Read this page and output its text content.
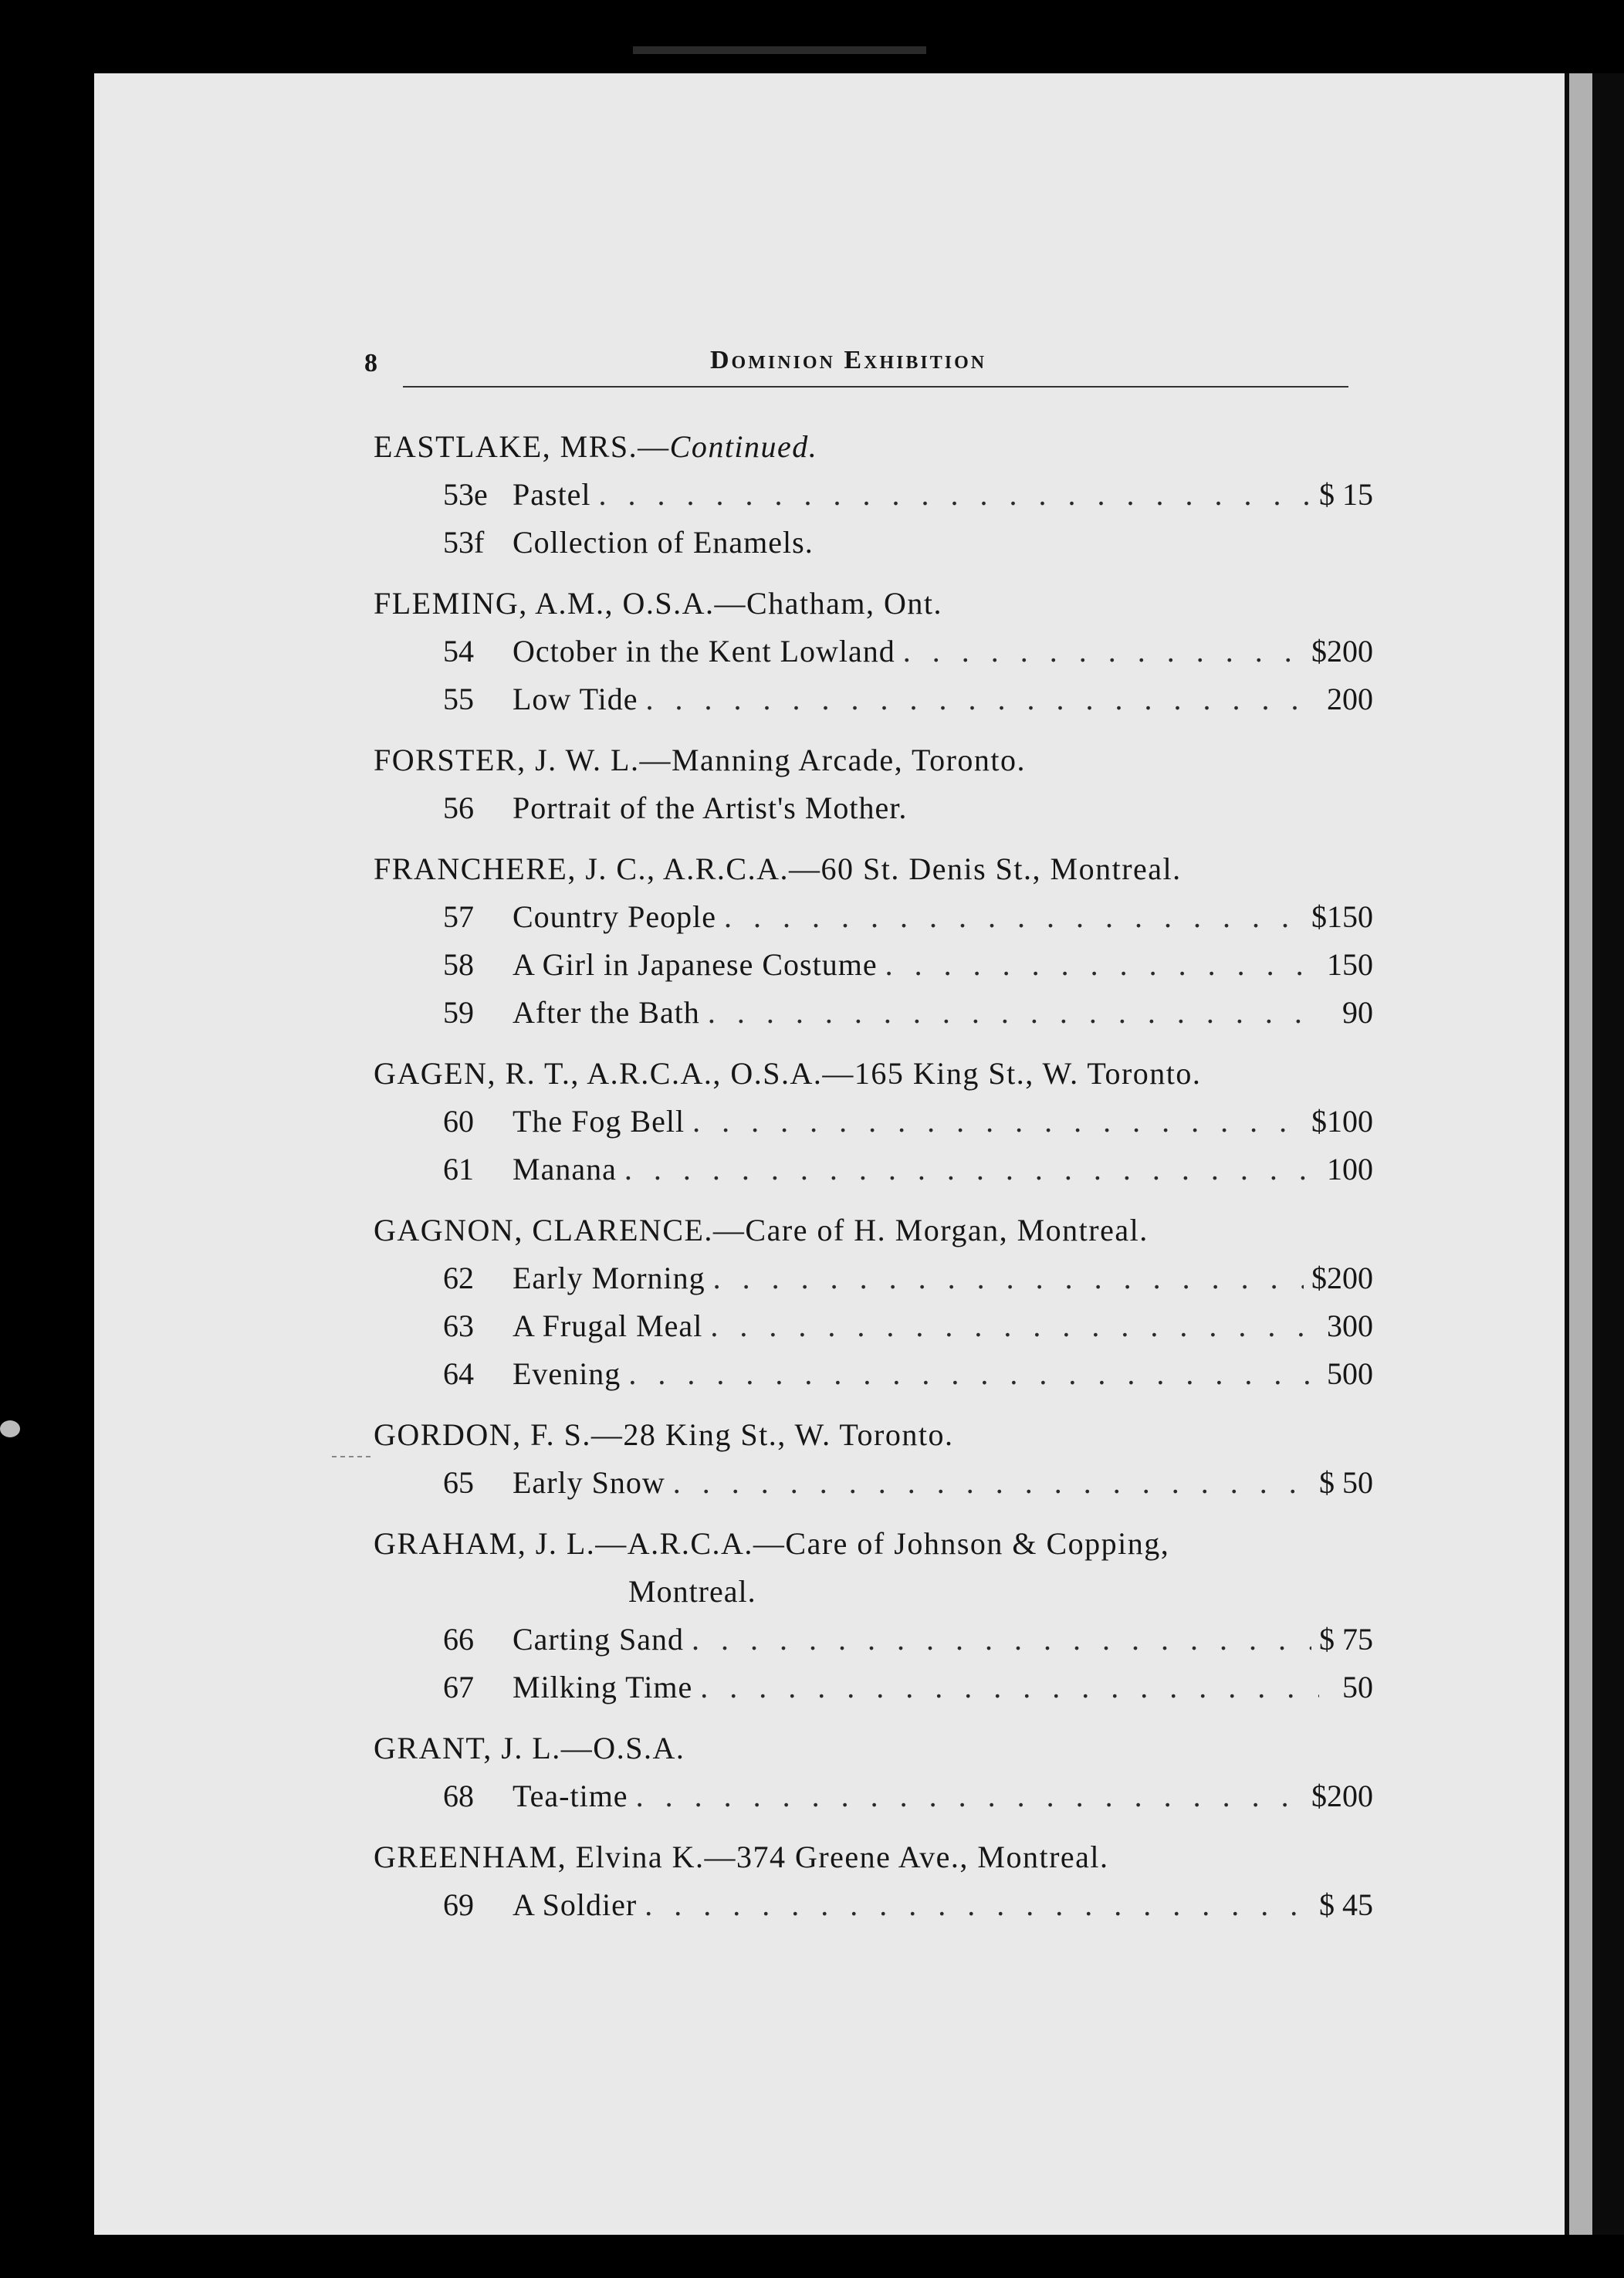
8	Dominion Exhibition
EASTLAKE, MRS.—Continued.
53e Pastel . . .	$ 15
53f Collection of Enamels.
FLEMING, A.M., O.S.A.—Chatham, Ont.
54	October in the Kent Lowland . . .	$200
55	Low Tide . . .	200
FORSTER, J. W. L.—Manning Arcade, Toronto.
56	Portrait of the Artist's Mother.
FRANCHERE, J. C., A.R.C.A.—60 St. Denis St., Montreal.
57	Country People . . .	$150
58	A Girl in Japanese Costume . . .	150
59	After the Bath . . .	90
GAGEN, R. T., A.R.C.A., O.S.A.—165 King St., W. Toronto.
60	The Fog Bell . . .	$100
61	Manana . . .	100
GAGNON, CLARENCE.—Care of H. Morgan, Montreal.
62	Early Morning . . .	$200
63	A Frugal Meal . . .	300
64	Evening . . .	500
GORDON, F. S.—28 King St., W. Toronto.
65	Early Snow . . .	$ 50
GRAHAM, J. L.—A.R.C.A.—Care of Johnson & Copping,
Montreal.
66	Carting Sand . . .	$ 75
67	Milking Time . . .	50
GRANT, J. L.—O.S.A.
68	Tea-time . . .	$200
GREENHAM, Elvina K.—374 Greene Ave., Montreal.
69	A Soldier . . .	$ 45
